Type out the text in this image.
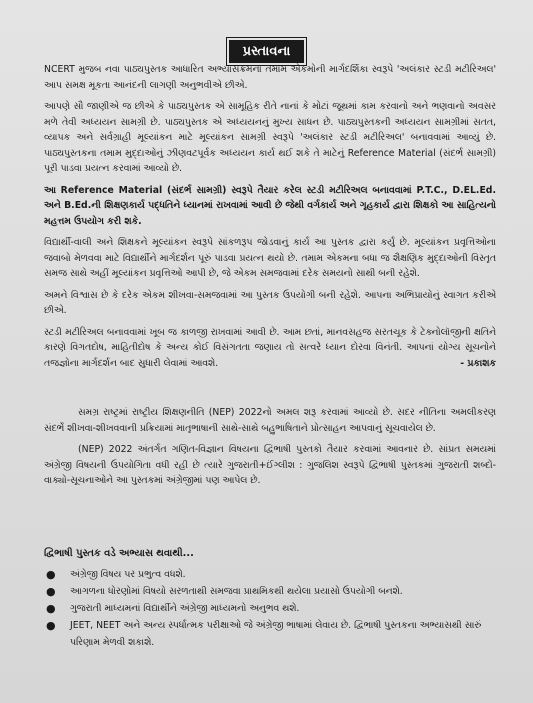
પ્રસ્તાવના

NCERT મુજબ નવા પાઠ્યપુસ્તક આધારિત અભ્યાસક્રમના તમામ એકમોની માર્ગદર્શિકા સ્વરૂપે 'અલંકાર સ્ટડી મટીરિઅલ' આપ સમક્ષ મૂકતા આનંદની લાગણી અનુભવીએ છીએ.

આપણે સૌ જાણીએ જ છીએ કે પાઠ્યપુસ્તક એ સામૂહિક રીતે નાનાં કે મોટાં જૂથમાં કામ કરવાનો અને ભણવાનો અવસર મળે તેવી અધ્યયન સામગ્રી છે. પાઠ્યપુસ્તક એ અધ્યયનનું મુખ્ય સાધન છે. પાઠ્યપુસ્તકની અધ્યયન સામગ્રીમાં સતત, વ્યાપક અને સર્વગ્રાહી મૂલ્યાંકન માટે મૂલ્યાંકન સામગ્રી સ્વરૂપે 'અલંકાર સ્ટડી મટીરિઅલ' બનાવવામાં આવ્યું છે. પાઠ્યપુસ્તકના તમામ મુદ્દાઓનું ઝીણવટપૂર્વક અધ્યયન કાર્ય થઈ શકે તે માટેનું Reference Material (સંદર્ભ સામગ્રી) પૂરી પાડવા પ્રયત્ન કરવામાં આવ્યો છે.

આ Reference Material (સંદર્ભ સામગ્રી) સ્વરૂપે તૈયાર કરેલ સ્ટડી મટીરિઅલ બનાવવામાં P.T.C., D.EL.Ed. અને B.Ed.ની શિક્ષણકાર્ય પદ્ધતિને ધ્યાનમાં રાખવામાં આવી છે જેથી વર્ગકાર્ય અને ગૃહકાર્ય દ્વારા શિક્ષકો આ સાહિત્યનો મહત્તમ ઉપયોગ કરી શકે.

વિદ્યાર્થી-વાલી અને શિક્ષકને મૂલ્યાંકન સ્વરૂપે સાંકળરૂપ જોડવાનું કાર્ય આ પુસ્તક દ્વારા કર્યું છે. મૂલ્યાંકન પ્રવૃત્તિઓના જવાબો મેળવવા માટે વિદ્યાર્થીને માર્ગદર્શન પૂરું પાડવા પ્રયત્ન થયો છે. તમામ એકમના બધા જ શૈક્ષણિક મુદ્દાઓની વિસ્તૃત સમજ સાથે અહીં મૂલ્યાંકન પ્રવૃત્તિઓ આપી છે, જે એકમ સમજવામાં દરેક સમયનો સાથી બની રહેશે.

અમને વિશ્વાસ છે કે દરેક એકમ શીખવા-સમજવામાં આ પુસ્તક ઉપયોગી બની રહેશે. આપના અભિપ્રાયોનું સ્વાગત કરીએ છીએ.

સ્ટડી મટીરિઅલ બનાવવામાં ખૂબ જ કાળજી રાખવામાં આવી છે. આમ છતાં, માનવસહજ સરતચૂક કે ટેક્નોલૉજીની ક્ષતિને કારણે વિગતદોષ, માહિતીદોષ કે અન્ય કોઈ વિસંગતતા જણાય તો સત્વરે ધ્યાન દોરવા વિનંતી. આપનાં યોગ્ય સૂચનોને તજજ્ઞોના માર્ગદર્શન બાદ સુધારી લેવામાં આવશે.	- પ્રકાશક

સમગ્ર રાષ્ટ્રમાં રાષ્ટ્રીય શિક્ષણનીતિ (NEP) 2022નો અમલ શરૂ કરવામાં આવ્યો છે. સદર નીતિના અમલીકરણ સંદર્ભે શીખવા-શીખવવાની પ્રક્રિયામાં માતૃભાષાની સાથે-સાથે બહુભાષિતાને પ્રોત્સાહન આપવાનું સૂચવાયેલ છે.

(NEP) 2022 અંતર્ગત ગણિત-વિજ્ઞાન વિષયના દ્વિભાષી પુસ્તકો તૈયાર કરવામાં આવનાર છે. સાંપ્રત સમયમાં અંગ્રેજી વિષયની ઉપયોગિતા વધી રહી છે ત્યારે ગુજરાતી+ઈંગ્લીશ : ગુજલિશ સ્વરૂપે દ્વિભાષી પુસ્તકમાં ગુજરાતી શબ્દો-વાક્યો-સૂચનાઓને આ પુસ્તકમાં અંગ્રેજીમાં પણ આપેલ છે.

દ્વિભાષી પુસ્તક વડે અભ્યાસ થવાથી...
● અંગ્રેજી વિષય પર પ્રભુત્વ વધશે.
● આગળના ધોરણોમાં વિષયો સરળતાથી સમજવા પ્રાથમિકથી થયેલા પ્રયાસો ઉપયોગી બનશે.
● ગુજરાતી માધ્યમનાં વિદ્યાર્થીને અંગ્રેજી માધ્યમનો અનુભવ થશે.
● JEET, NEET અને અન્ય સ્પર્ધાત્મક પરીક્ષાઓ જે અંગ્રેજી ભાષામાં લેવાય છે. દ્વિભાષી પુસ્તકના અભ્યાસથી સારું પરિણામ મેળવી શકાશે.
